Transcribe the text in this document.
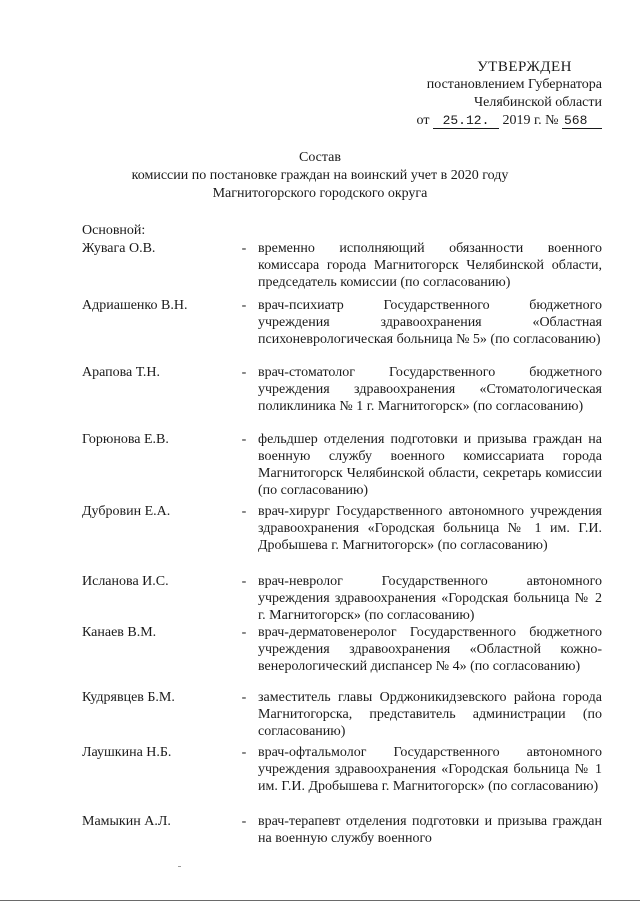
УТВЕРЖДЕН
постановлением Губернатора
Челябинской области
от 25.12. 2019 г. № 568
Состав
комиссии по постановке граждан на воинский учет в 2020 году
Магнитогорского городского округа
Основной:
Жувага О.В.	- временно исполняющий обязанности военного комиссара города Магнитогорск Челябинской области, председатель комиссии (по согласованию)
Адриашенко В.Н.	- врач-психиатр Государственного бюджетного учреждения здравоохранения «Областная психоневрологическая больница № 5» (по согласованию)
Арапова Т.Н.	- врач-стоматолог Государственного бюджетного учреждения здравоохранения «Стоматологическая поликлиника № 1 г. Магнитогорск» (по согласованию)
Горюнова Е.В.	- фельдшер отделения подготовки и призыва граждан на военную службу военного комиссариата города Магнитогорск Челябинской области, секретарь комиссии (по согласованию)
Дубровин Е.А.	- врач-хирург Государственного автономного учреждения здравоохранения «Городская больница № 1 им. Г.И. Дробышева г. Магнитогорск» (по согласованию)
Исланова И.С.	- врач-невролог Государственного автономного учреждения здравоохранения «Городская больница № 2 г. Магнитогорск» (по согласованию)
Канаев В.М.	- врач-дерматовенеролог Государственного бюджетного учреждения здравоохранения «Областной кожно-венерологический диспансер № 4» (по согласованию)
Кудрявцев Б.М.	- заместитель главы Орджоникидзевского района города Магнитогорска, представитель администрации (по согласованию)
Лаушкина Н.Б.	- врач-офтальмолог Государственного автономного учреждения здравоохранения «Городская больница № 1 им. Г.И. Дробышева г. Магнитогорск» (по согласованию)
Мамыкин А.Л.	- врач-терапевт отделения подготовки и призыва граждан на военную службу военного
